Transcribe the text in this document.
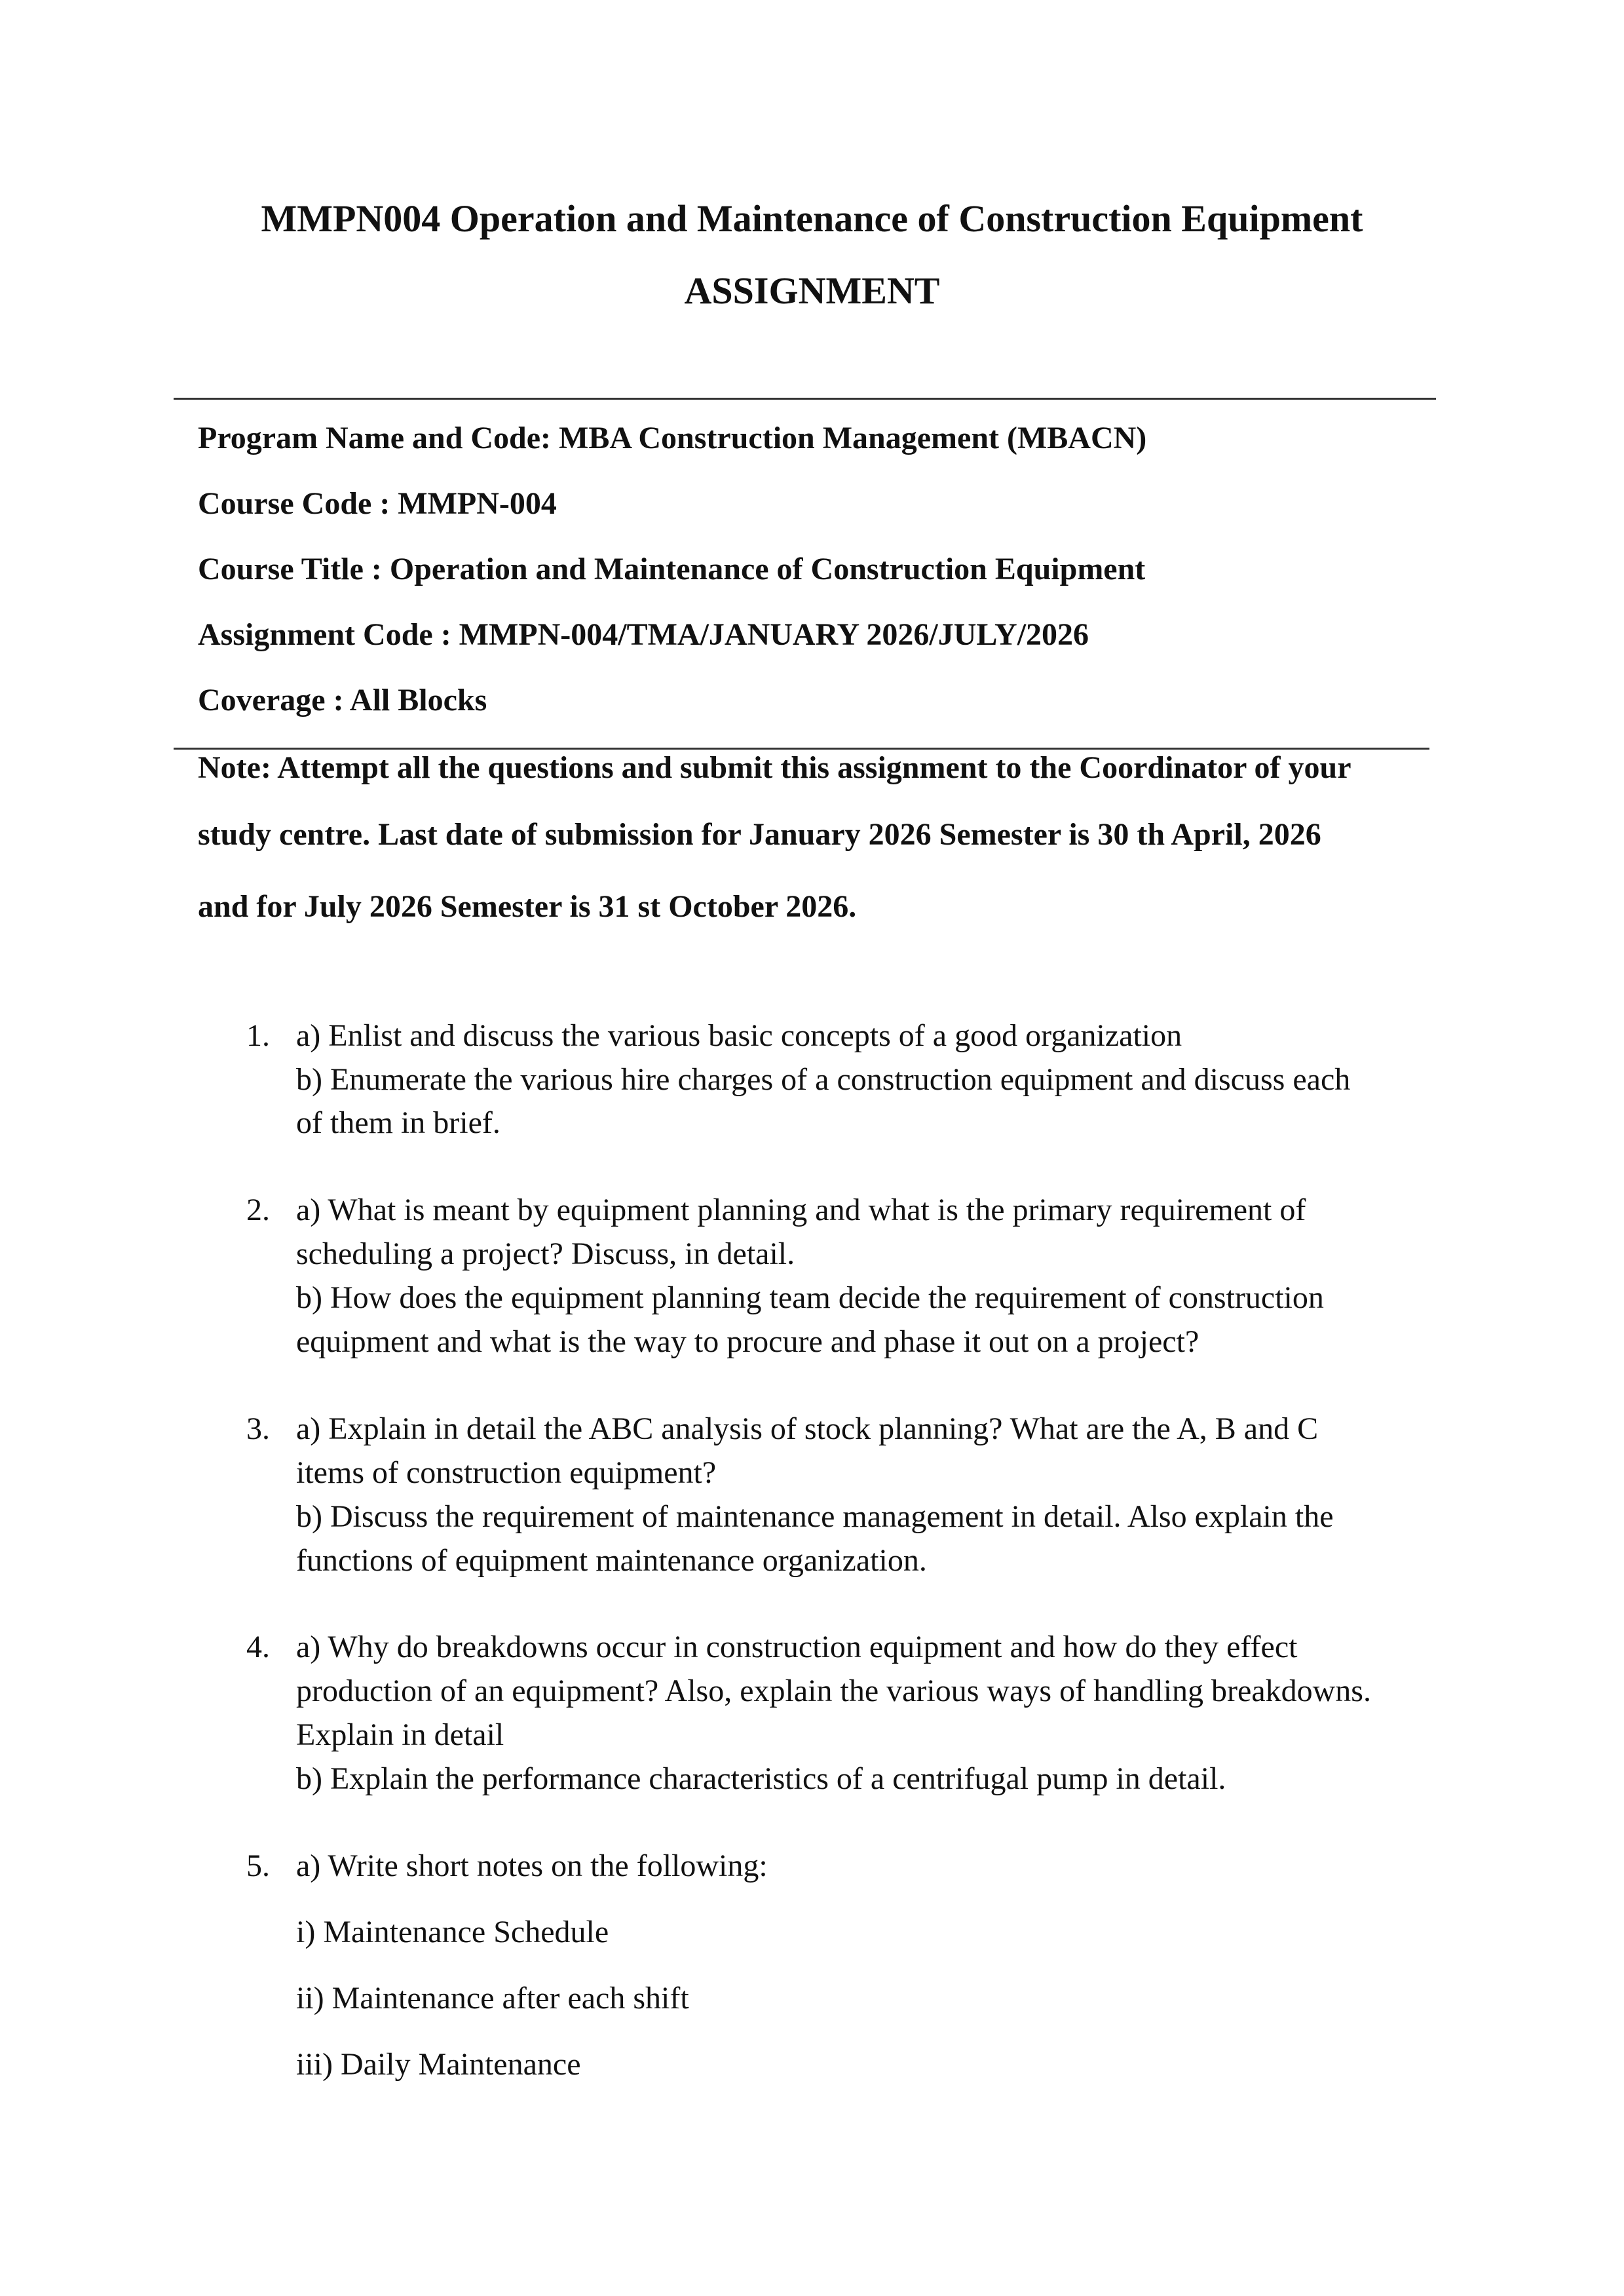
MMPN004 Operation and Maintenance of Construction Equipment
ASSIGNMENT
Program Name and Code: MBA Construction Management (MBACN)
Course Code : MMPN-004
Course Title : Operation and Maintenance of Construction Equipment
Assignment Code : MMPN-004/TMA/JANUARY 2026/JULY/2026
Coverage : All Blocks
Note: Attempt all the questions and submit this assignment to the Coordinator of your
study centre. Last date of submission for January 2026 Semester is 30 th April, 2026
and for July 2026 Semester is 31 st October 2026.
1. a) Enlist and discuss the various basic concepts of a good organization
b) Enumerate the various hire charges of a construction equipment and discuss each
of them in brief.
2. a) What is meant by equipment planning and what is the primary requirement of
scheduling a project? Discuss, in detail.
b) How does the equipment planning team decide the requirement of construction
equipment and what is the way to procure and phase it out on a project?
3. a) Explain in detail the ABC analysis of stock planning? What are the A, B and C
items of construction equipment?
b) Discuss the requirement of maintenance management in detail. Also explain the
functions of equipment maintenance organization.
4. a) Why do breakdowns occur in construction equipment and how do they effect
production of an equipment? Also, explain the various ways of handling breakdowns.
Explain in detail
b) Explain the performance characteristics of a centrifugal pump in detail.
5. a) Write short notes on the following:
i) Maintenance Schedule
ii) Maintenance after each shift
iii) Daily Maintenance
